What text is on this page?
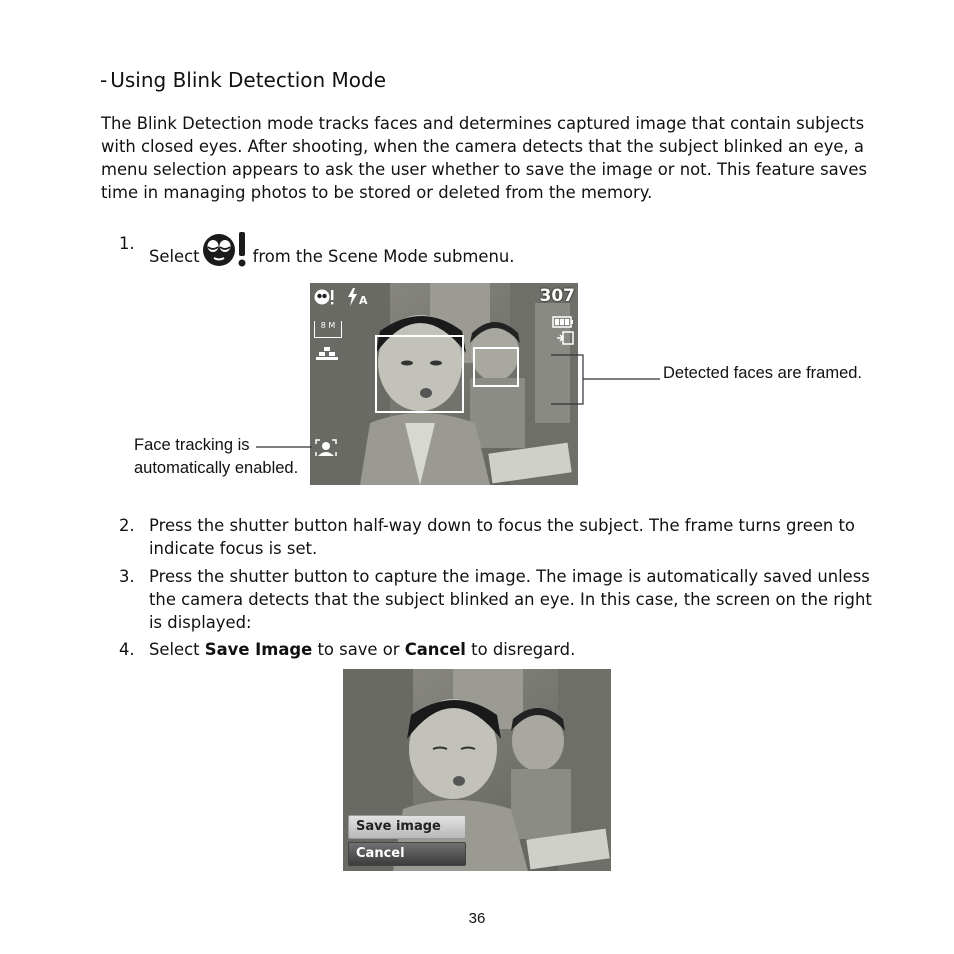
- Using Blink Detection Mode
The Blink Detection mode tracks faces and determines captured image that contain subjects with closed eyes. After shooting, when the camera detects that the subject blinked an eye, a menu selection appears to ask the user whether to save the image or not. This feature saves time in managing photos to be stored or deleted from the memory.
1.
Select	from the Scene Mode submenu.
A	307
8 M
Detected faces are framed.
Face tracking is automatically enabled.
2. Press the shutter button half-way down to focus the subject. The frame turns green to indicate focus is set.
3. Press the shutter button to capture the image. The image is automatically saved unless the camera detects that the subject blinked an eye. In this case, the screen on the right is displayed:
4. Select Save Image to save or Cancel to disregard.
Save image
Cancel
36
